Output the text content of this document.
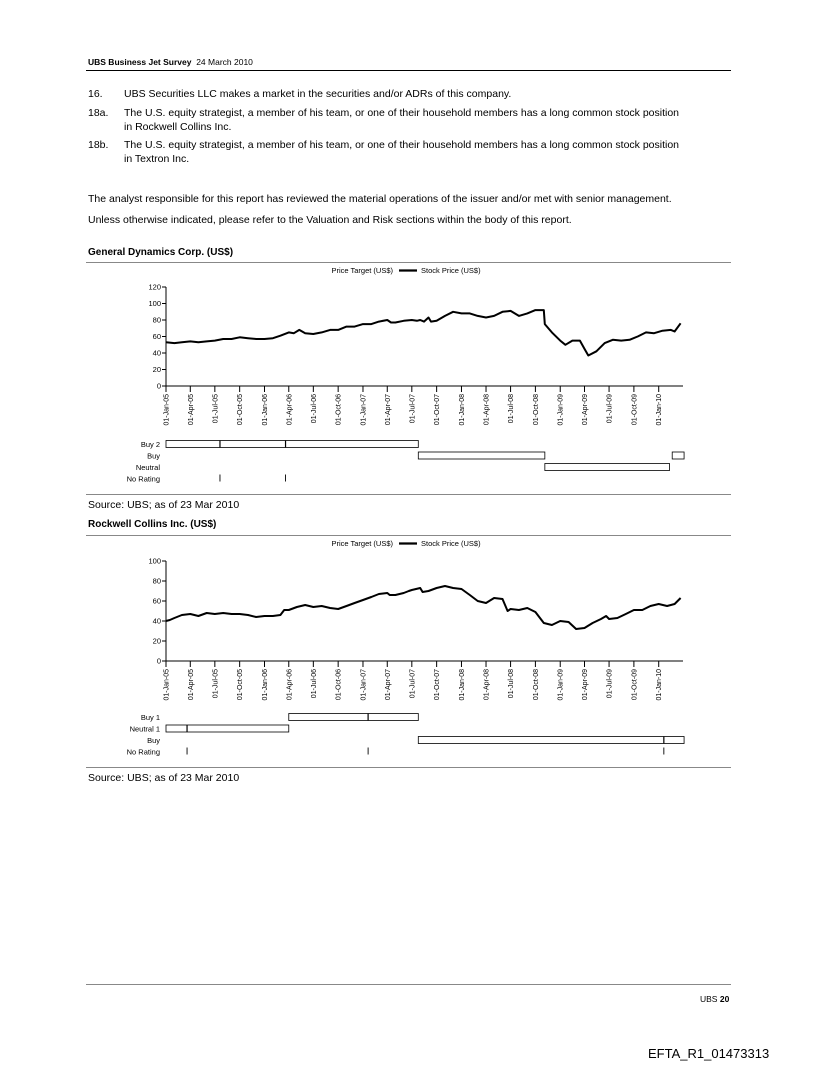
UBS Business Jet Survey 24 March 2010
16.	UBS Securities LLC makes a market in the securities and/or ADRs of this company.
18a.	The U.S. equity strategist, a member of his team, or one of their household members has a long common stock position
in Rockwell Collins Inc.
18b.	The U.S. equity strategist, a member of his team, or one of their household members has a long common stock position
in Textron Inc.
The analyst responsible for this report has reviewed the material operations of the issuer and/or met with senior management.
Unless otherwise indicated, please refer to the Valuation and Risk sections within the body of this report.
General Dynamics Corp. (US$)
Price Target (US$)	Stock Price (US$)
0
20
40
60
80
100
120
01-Jan-05 01-Apr-05	01-Jul-05	01-Oct-05	01-Jan-06 01-Apr-06	01-Jul-06	01-Oct-06	01-Jan-07 01-Apr-07	01-Jul-07	01-Oct-07	01-Jan-08	01-Apr-08	01-Jul-08	01-Oct-08	01-Jan-09 01-Apr-09	01-Jul-09	01-Oct-09	01-Jan-10
Buy 2
Buy
Neutral
No Rating
Source: UBS; as of 23 Mar 2010
Rockwell Collins Inc. (US$)
Price Target (US$)	Stock Price (US$)
0
20
40
60
80
100
01-Jan-05 01-Apr-05	01-Jul-05	01-Oct-05	01-Jan-06 01-Apr-06	01-Jul-06	01-Oct-06	01-Jan-07 01-Apr-07	01-Jul-07	01-Oct-07	01-Jan-08	01-Apr-08	01-Jul-08	01-Oct-08	01-Jan-09 01-Apr-09	01-Jul-09	01-Oct-09	01-Jan-10
Buy 1
Neutral 1
Buy
No Rating
Source: UBS; as of 23 Mar 2010
UBS 20
EFTA_R1_01473313
